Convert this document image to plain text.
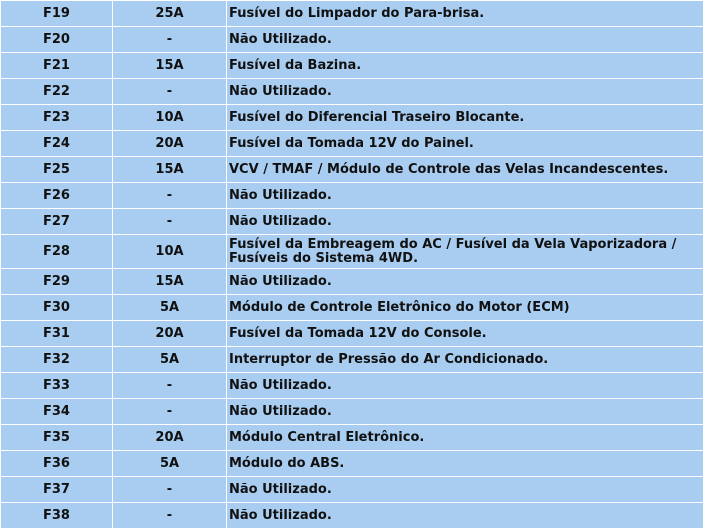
F19	25A	Fusível do Limpador do Para-brisa.
F20	-	Não Utilizado.
F21	15A	Fusível da Bazina.
F22	-	Não Utilizado.
F23	10A	Fusível do Diferencial Traseiro Blocante.
F24	20A	Fusível da Tomada 12V do Painel.
F25	15A	VCV / TMAF / Módulo de Controle das Velas Incandescentes.
F26	-	Não Utilizado.
F27	-	Não Utilizado.
F28	10A	Fusível da Embreagem do AC / Fusível da Vela Vaporizadora / Fusíveis do Sistema 4WD.
F29	15A	Não Utilizado.
F30	5A	Módulo de Controle Eletrônico do Motor (ECM)
F31	20A	Fusível da Tomada 12V do Console.
F32	5A	Interruptor de Pressão do Ar Condicionado.
F33	-	Não Utilizado.
F34	-	Não Utilizado.
F35	20A	Módulo Central Eletrônico.
F36	5A	Módulo do ABS.
F37	-	Não Utilizado.
F38	-	Não Utilizado.
